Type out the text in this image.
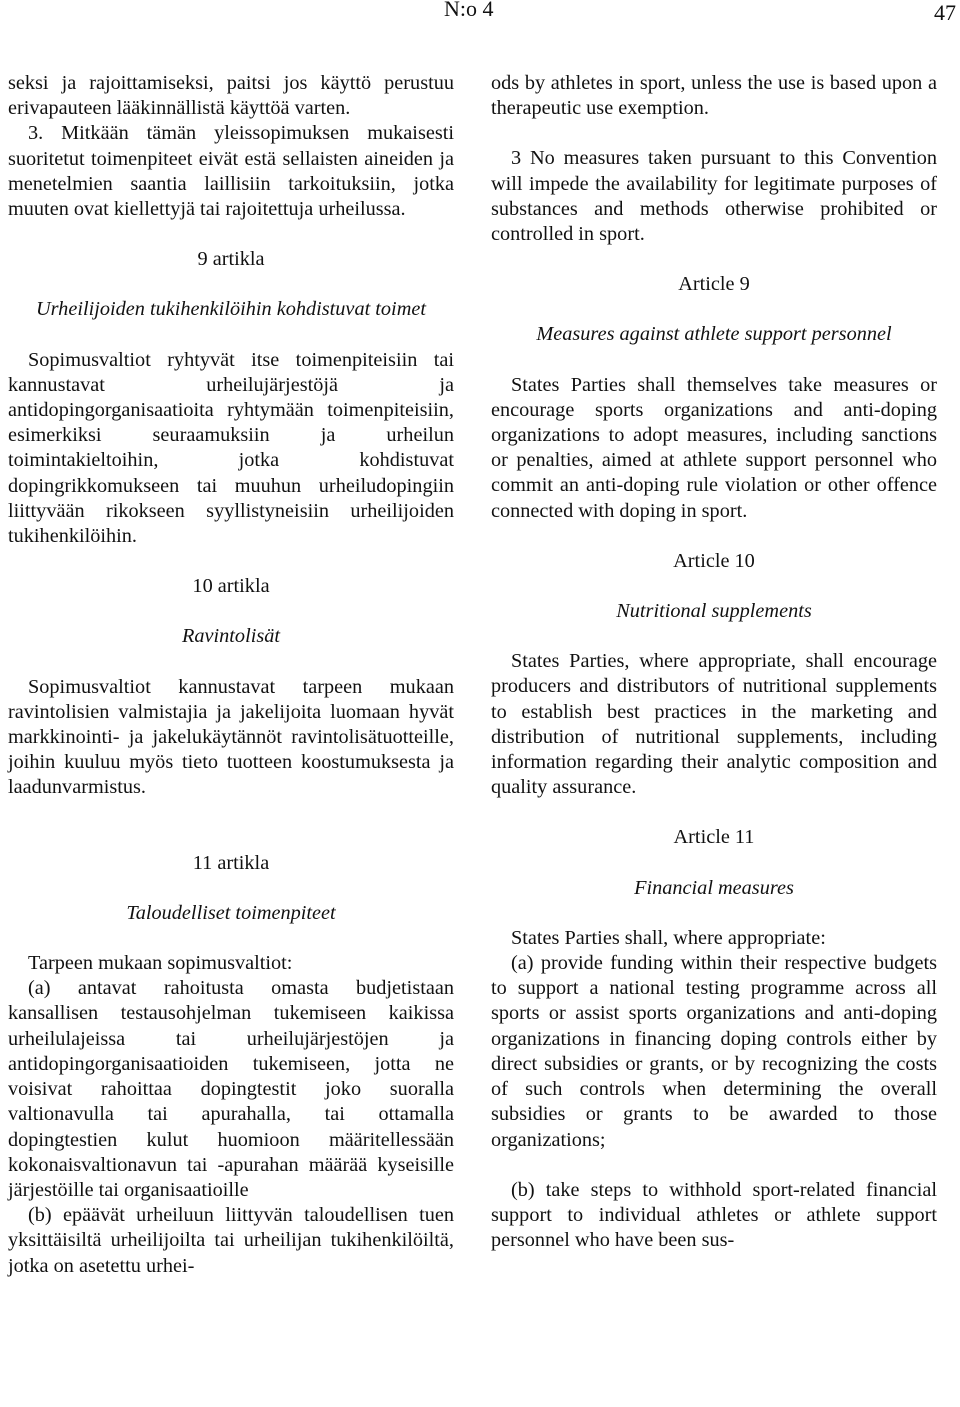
N:o 4	47

seksi ja rajoittamiseksi, paitsi jos käyttö perustuu erivapauteen lääkinnällistä käyttöä varten.

3. Mitkään tämän yleissopimuksen mukaisesti suoritetut toimenpiteet eivät estä sellaisten aineiden ja menetelmien saantia laillisiin tarkoituksiin, jotka muuten ovat kiellettyjä tai rajoitettuja urheilussa.

9 artikla

Urheilijoiden tukihenkilöihin kohdistuvat toimet

Sopimusvaltiot ryhtyvät itse toimenpiteisiin tai kannustavat urheilujärjestöjä ja antidopingorganisaatioita ryhtymään toimenpiteisiin, esimerkiksi seuraamuksiin ja urheilun toimintakieltoihin, jotka kohdistuvat dopingrikkomukseen tai muuhun urheiludopingiin liittyvään rikokseen syyllistyneisiin urheilijoiden tukihenkilöihin.

10 artikla

Ravintolisät

Sopimusvaltiot kannustavat tarpeen mukaan ravintolisien valmistajia ja jakelijoita luomaan hyvät markkinointi- ja jakelukäytännöt ravintolisätuotteille, joihin kuuluu myös tieto tuotteen koostumuksesta ja laadunvarmistus.

11 artikla

Taloudelliset toimenpiteet

Tarpeen mukaan sopimusvaltiot:

(a) antavat rahoitusta omasta budjetistaan kansallisen testausohjelman tukemiseen kaikissa urheilulajeissa tai urheilujärjestöjen ja antidopingorganisaatioiden tukemiseen, jotta ne voisivat rahoittaa dopingtestit joko suoralla valtionavulla tai apurahalla, tai ottamalla dopingtestien kulut huomioon määritellessään kokonaisvaltionavun tai -apurahan määrää kyseisille järjestöille tai organisaatioille

(b) epäävät urheiluun liittyvän taloudellisen tuen yksittäisiltä urheilijoilta tai urheilijan tukihenkilöiltä, jotka on asetettu urhei-

ods by athletes in sport, unless the use is based upon a therapeutic use exemption.

3 No measures taken pursuant to this Convention will impede the availability for legitimate purposes of substances and methods otherwise prohibited or controlled in sport.

Article 9

Measures against athlete support personnel

States Parties shall themselves take measures or encourage sports organizations and anti-doping organizations to adopt measures, including sanctions or penalties, aimed at athlete support personnel who commit an anti-doping rule violation or other offence connected with doping in sport.

Article 10

Nutritional supplements

States Parties, where appropriate, shall encourage producers and distributors of nutritional supplements to establish best practices in the marketing and distribution of nutritional supplements, including information regarding their analytic composition and quality assurance.

Article 11

Financial measures

States Parties shall, where appropriate:

(a) provide funding within their respective budgets to support a national testing programme across all sports or assist sports organizations and anti-doping organizations in financing doping controls either by direct subsidies or grants, or by recognizing the costs of such controls when determining the overall subsidies or grants to be awarded to those organizations;

(b) take steps to withhold sport-related financial support to individual athletes or athlete support personnel who have been sus-
